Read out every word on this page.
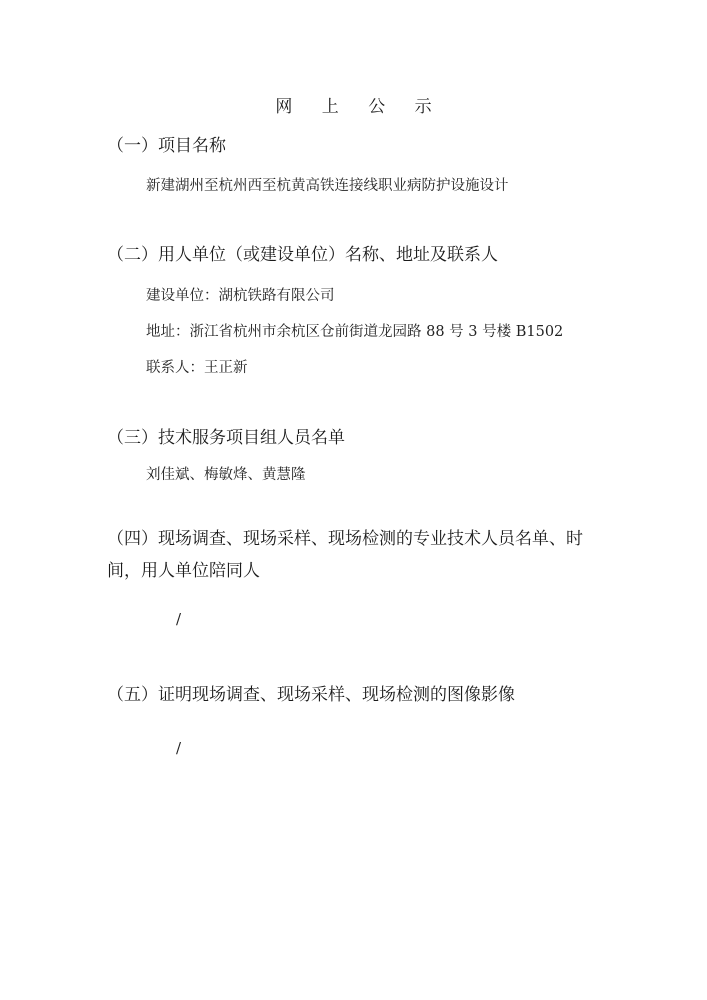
网 上 公 示
（一）项目名称
新建湖州至杭州西至杭黄高铁连接线职业病防护设施设计
（二）用人单位（或建设单位）名称、地址及联系人
建设单位：湖杭铁路有限公司
地址：浙江省杭州市余杭区仓前街道龙园路 88 号 3 号楼 B1502
联系人：王正新
（三）技术服务项目组人员名单
刘佳斌、梅敏烽、黄慧隆
（四）现场调查、现场采样、现场检测的专业技术人员名单、时间，用人单位陪同人
/
（五）证明现场调查、现场采样、现场检测的图像影像
/
